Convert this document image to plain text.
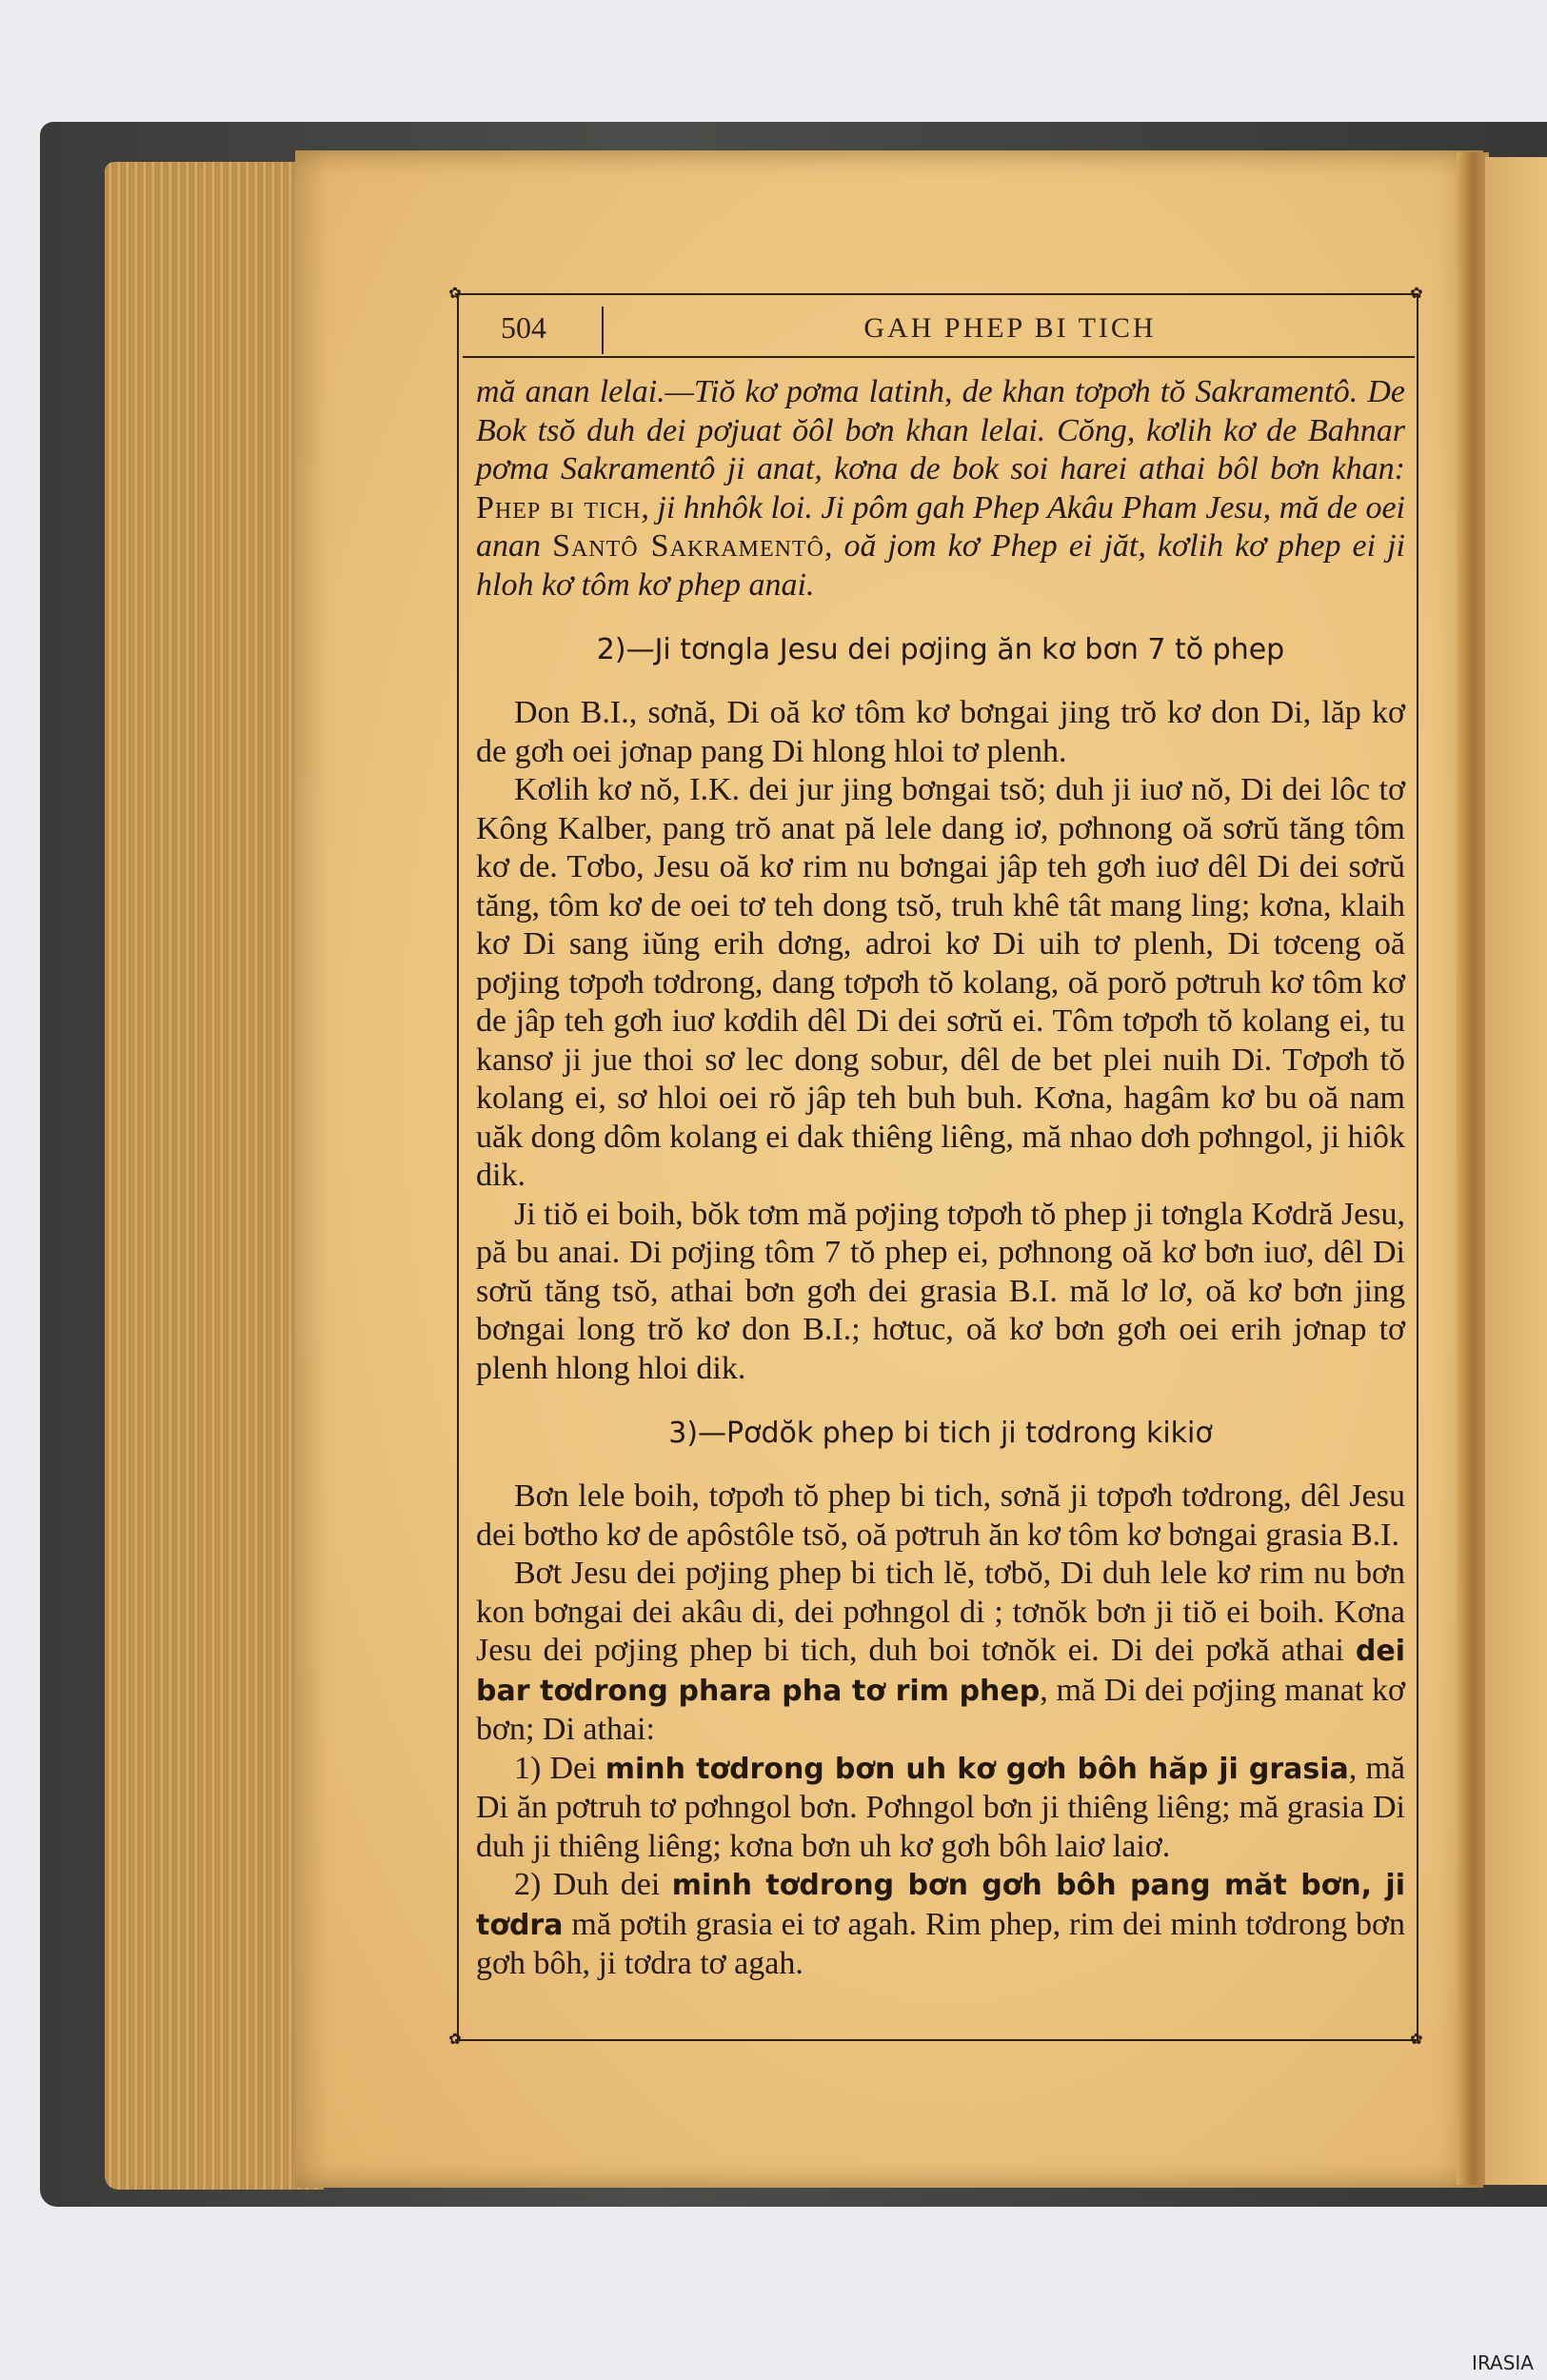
✿	✿
✿	✿
504	GAH PHEP BI TICH

mă anan lelai.—Tiŏ kơ pơma latinh, de khan tơpơh tŏ Sakramentô. De Bok tsŏ duh dei pơjuat ŏôl bơn khan lelai. Cŏng, kơlih kơ de Bahnar pơma Sakramentô ji anat, kơna de bok soi harei athai bôl bơn khan: Phep bi tich, ji hnhôk loi. Ji pôm gah Phep Akâu Pham Jesu, mă de oei anan Santô Sakramentô, oă jom kơ Phep ei jăt, kơlih kơ phep ei ji hloh kơ tôm kơ phep anai.

2)—Ji tơngla Jesu dei pơjing ăn kơ bơn 7 tŏ phep

Don B.I., sơnă, Di oă kơ tôm kơ bơngai jing trŏ kơ don Di, lăp kơ de gơh oei jơnap pang Di hlong hloi tơ plenh.

Kơlih kơ nŏ, I.K. dei jur jing bơngai tsŏ; duh ji iuơ nŏ, Di dei lôc tơ Kông Kalber, pang trŏ anat pă lele dang iơ, pơhnong oă sơrŭ tăng tôm kơ de. Tơbo, Jesu oă kơ rim nu bơngai jâp teh gơh iuơ dêl Di dei sơrŭ tăng, tôm kơ de oei tơ teh dong tsŏ, truh khê tât mang ling; kơna, klaih kơ Di sang iŭng erih dơng, adroi kơ Di uih tơ plenh, Di tơceng oă pơjing tơpơh tơdrong, dang tơpơh tŏ kolang, oă porŏ pơtruh kơ tôm kơ de jâp teh gơh iuơ kơdih dêl Di dei sơrŭ ei. Tôm tơpơh tŏ kolang ei, tu kansơ ji jue thoi sơ lec dong sobur, dêl de bet plei nuih Di. Tơpơh tŏ kolang ei, sơ hloi oei rŏ jâp teh buh buh. Kơna, hagâm kơ bu oă nam uăk dong dôm kolang ei dak thiêng liêng, mă nhao dơh pơhngol, ji hiôk dik.

Ji tiŏ ei boih, bŏk tơm mă pơjing tơpơh tŏ phep ji tơngla Kơdră Jesu, pă bu anai. Di pơjing tôm 7 tŏ phep ei, pơhnong oă kơ bơn iuơ, dêl Di sơrŭ tăng tsŏ, athai bơn gơh dei grasia B.I. mă lơ lơ, oă kơ bơn jing bơngai long trŏ kơ don B.I.; hơtuc, oă kơ bơn gơh oei erih jơnap tơ plenh hlong hloi dik.

3)—Pơdŏk phep bi tich ji tơdrong kikiơ

Bơn lele boih, tơpơh tŏ phep bi tich, sơnă ji tơpơh tơdrong, dêl Jesu dei bơtho kơ de apôstôle tsŏ, oă pơtruh ăn kơ tôm kơ bơngai grasia B.I.

Bơt Jesu dei pơjing phep bi tich lĕ, tơbŏ, Di duh lele kơ rim nu bơn kon bơngai dei akâu di, dei pơhngol di ; tơnŏk bơn ji tiŏ ei boih. Kơna Jesu dei pơjing phep bi tich, duh boi tơnŏk ei. Di dei pơkă athai dei bar tơdrong phara pha tơ rim phep, mă Di dei pơjing manat kơ bơn; Di athai:

1) Dei minh tơdrong bơn uh kơ gơh bôh hăp ji grasia, mă Di ăn pơtruh tơ pơhngol bơn. Pơhngol bơn ji thiêng liêng; mă grasia Di duh ji thiêng liêng; kơna bơn uh kơ gơh bôh laiơ laiơ.

2) Duh dei minh tơdrong bơn gơh bôh pang măt bơn, ji tơdra mă pơtih grasia ei tơ agah. Rim phep, rim dei minh tơdrong bơn gơh bôh, ji tơdra tơ agah.

IRASIA
